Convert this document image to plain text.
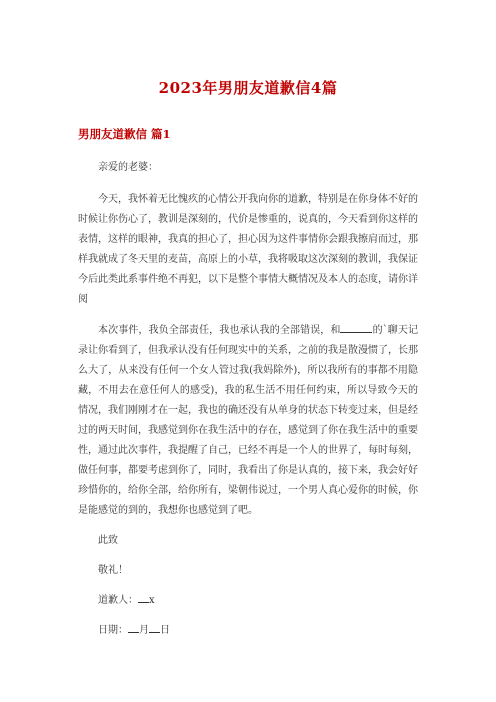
2023年男朋友道歉信4篇
男朋友道歉信 篇1

亲爱的老婆：

今天，我怀着无比愧疚的心情公开我向你的道歉，特别是在你身体不好的时候让你伤心了，教训是深刻的，代价是惨重的，说真的，今天看到你这样的表情，这样的眼神，我真的担心了，担心因为这件事情你会跟我擦肩而过，那样我就成了冬天里的麦苗，高原上的小草，我将吸取这次深刻的教训，我保证今后此类此系事件绝不再犯，以下是整个事情大概情况及本人的态度，请你详阅

本次事件，我负全部责任，我也承认我的全部错误，和	的`聊天记录让你看到了，但我承认没有任何现实中的关系，之前的我是散漫惯了，长那么大了，从来没有任何一个女人管过我(我妈除外)，所以我所有的事都不用隐藏，不用去在意任何人的感受)，我的私生活不用任何约束，所以导致今天的情况，我们刚刚才在一起，我也的确还没有从单身的状态下转变过来，但是经过的两天时间，我感觉到你在我生活中的存在，感觉到了你在我生活中的重要性，通过此次事件，我提醒了自己，已经不再是一个人的世界了，每时每刻，做任何事，都要考虑到你了，同时，我看出了你是认真的，接下来，我会好好珍惜你的，给你全部，给你所有，梁朝伟说过，一个男人真心爱你的时候，你是能感觉的到的，我想你也感觉到了吧。

此致

敬礼！

道歉人： x

日期： 月 日
